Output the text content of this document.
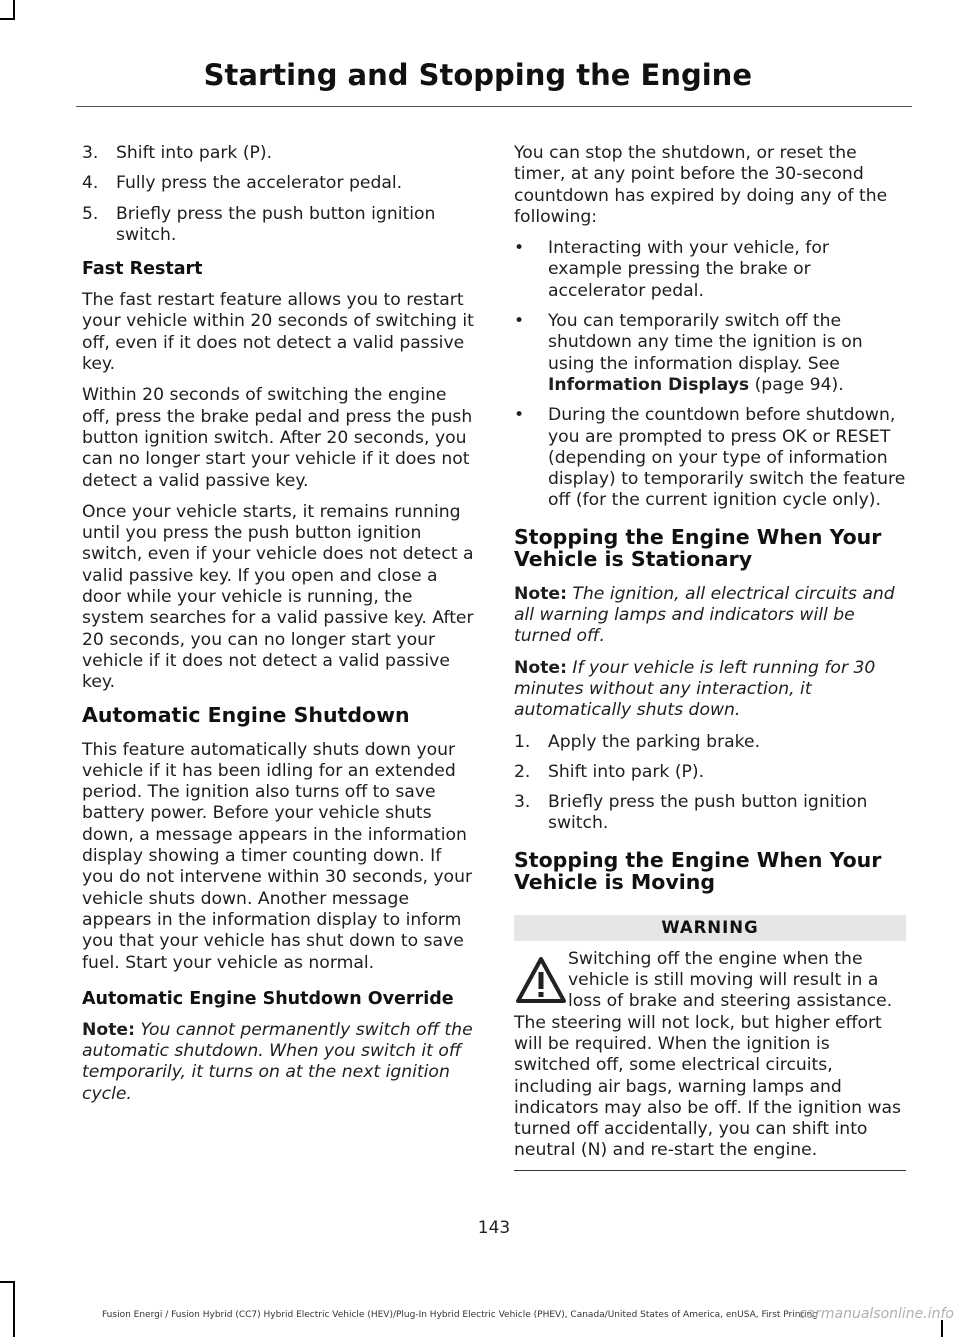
Starting and Stopping the Engine
3. Shift into park (P).
4. Fully press the accelerator pedal.
5. Briefly press the push button ignition switch.
Fast Restart

The fast restart feature allows you to restart your vehicle within 20 seconds of switching it off, even if it does not detect a valid passive key.

Within 20 seconds of switching the engine off, press the brake pedal and press the push button ignition switch. After 20 seconds, you can no longer start your vehicle if it does not detect a valid passive key.

Once your vehicle starts, it remains running until you press the push button ignition switch, even if your vehicle does not detect a valid passive key. If you open and close a door while your vehicle is running, the system searches for a valid passive key. After 20 seconds, you can no longer start your vehicle if it does not detect a valid passive key.

Automatic Engine Shutdown

This feature automatically shuts down your vehicle if it has been idling for an extended period. The ignition also turns off to save battery power. Before your vehicle shuts down, a message appears in the information display showing a timer counting down. If you do not intervene within 30 seconds, your vehicle shuts down. Another message appears in the information display to inform you that your vehicle has shut down to save fuel. Start your vehicle as normal.

Automatic Engine Shutdown Override

Note: You cannot permanently switch off the automatic shutdown. When you switch it off temporarily, it turns on at the next ignition cycle.

You can stop the shutdown, or reset the timer, at any point before the 30-second countdown has expired by doing any of the following:

• Interacting with your vehicle, for example pressing the brake or accelerator pedal.
• You can temporarily switch off the shutdown any time the ignition is on using the information display. See Information Displays (page 94).
• During the countdown before shutdown, you are prompted to press OK or RESET (depending on your type of information display) to temporarily switch the feature off (for the current ignition cycle only).
Stopping the Engine When Your Vehicle is Stationary

Note: The ignition, all electrical circuits and all warning lamps and indicators will be turned off.

Note: If your vehicle is left running for 30 minutes without any interaction, it automatically shuts down.

1. Apply the parking brake.
2. Shift into park (P).
3. Briefly press the push button ignition switch.
Stopping the Engine When Your Vehicle is Moving
WARNING
Switching off the engine when the vehicle is still moving will result in a loss of brake and steering assistance. The steering will not lock, but higher effort will be required. When the ignition is switched off, some electrical circuits, including air bags, warning lamps and indicators may also be off. If the ignition was turned off accidentally, you can shift into neutral (N) and re-start the engine.
143
Fusion Energi / Fusion Hybrid (CC7) Hybrid Electric Vehicle (HEV)/Plug-In Hybrid Electric Vehicle (PHEV), Canada/United States of America, enUSA, First Printing
carmanualsonline.info
